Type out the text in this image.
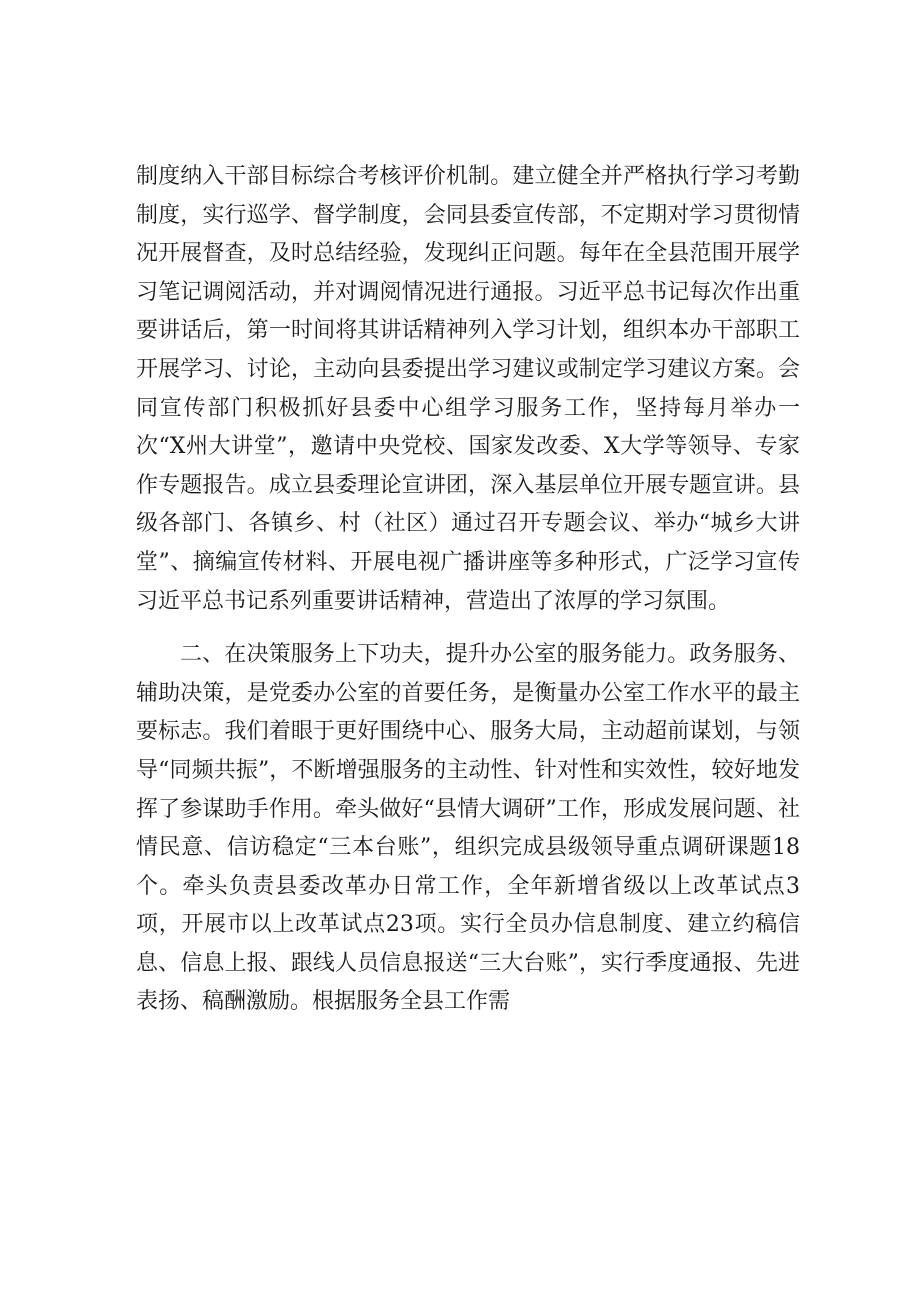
制度纳入干部目标综合考核评价机制。建立健全并严格执行学习考勤制度，实行巡学、督学制度，会同县委宣传部，不定期对学习贯彻情况开展督查，及时总结经验，发现纠正问题。每年在全县范围开展学习笔记调阅活动，并对调阅情况进行通报。习近平总书记每次作出重要讲话后，第一时间将其讲话精神列入学习计划，组织本办干部职工开展学习、讨论，主动向县委提出学习建议或制定学习建议方案。会同宣传部门积极抓好县委中心组学习服务工作，坚持每月举办一次“X州大讲堂”，邀请中央党校、国家发改委、X大学等领导、专家作专题报告。成立县委理论宣讲团，深入基层单位开展专题宣讲。县级各部门、各镇乡、村（社区）通过召开专题会议、举办“城乡大讲堂”、摘编宣传材料、开展电视广播讲座等多种形式，广泛学习宣传习近平总书记系列重要讲话精神，营造出了浓厚的学习氛围。

二、在决策服务上下功夫，提升办公室的服务能力。政务服务、辅助决策，是党委办公室的首要任务，是衡量办公室工作水平的最主要标志。我们着眼于更好围绕中心、服务大局，主动超前谋划，与领导“同频共振”，不断增强服务的主动性、针对性和实效性，较好地发挥了参谋助手作用。牵头做好“县情大调研”工作，形成发展问题、社情民意、信访稳定“三本台账”，组织完成县级领导重点调研课题18个。牵头负责县委改革办日常工作，全年新增省级以上改革试点3项，开展市以上改革试点23项。实行全员办信息制度、建立约稿信息、信息上报、跟线人员信息报送“三大台账”，实行季度通报、先进表扬、稿酬激励。根据服务全县工作需
